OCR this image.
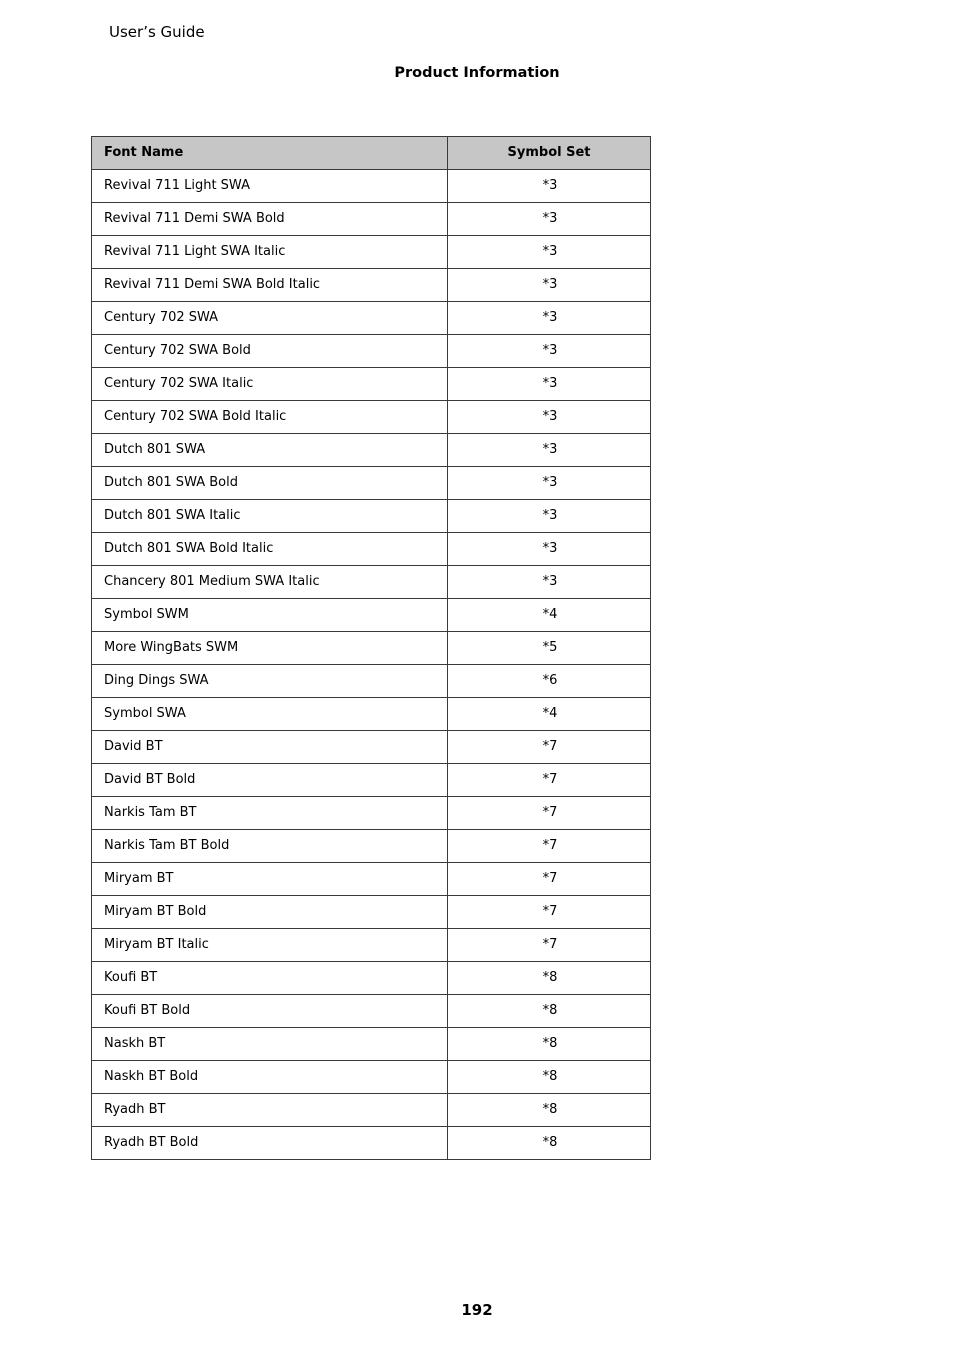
User’s Guide
Product Information
Font Name	Symbol Set
Revival 711 Light SWA	*3
Revival 711 Demi SWA Bold	*3
Revival 711 Light SWA Italic	*3
Revival 711 Demi SWA Bold Italic	*3
Century 702 SWA	*3
Century 702 SWA Bold	*3
Century 702 SWA Italic	*3
Century 702 SWA Bold Italic	*3
Dutch 801 SWA	*3
Dutch 801 SWA Bold	*3
Dutch 801 SWA Italic	*3
Dutch 801 SWA Bold Italic	*3
Chancery 801 Medium SWA Italic	*3
Symbol SWM	*4
More WingBats SWM	*5
Ding Dings SWA	*6
Symbol SWA	*4
David BT	*7
David BT Bold	*7
Narkis Tam BT	*7
Narkis Tam BT Bold	*7
Miryam BT	*7
Miryam BT Bold	*7
Miryam BT Italic	*7
Koufi BT	*8
Koufi BT Bold	*8
Naskh BT	*8
Naskh BT Bold	*8
Ryadh BT	*8
Ryadh BT Bold	*8
192
